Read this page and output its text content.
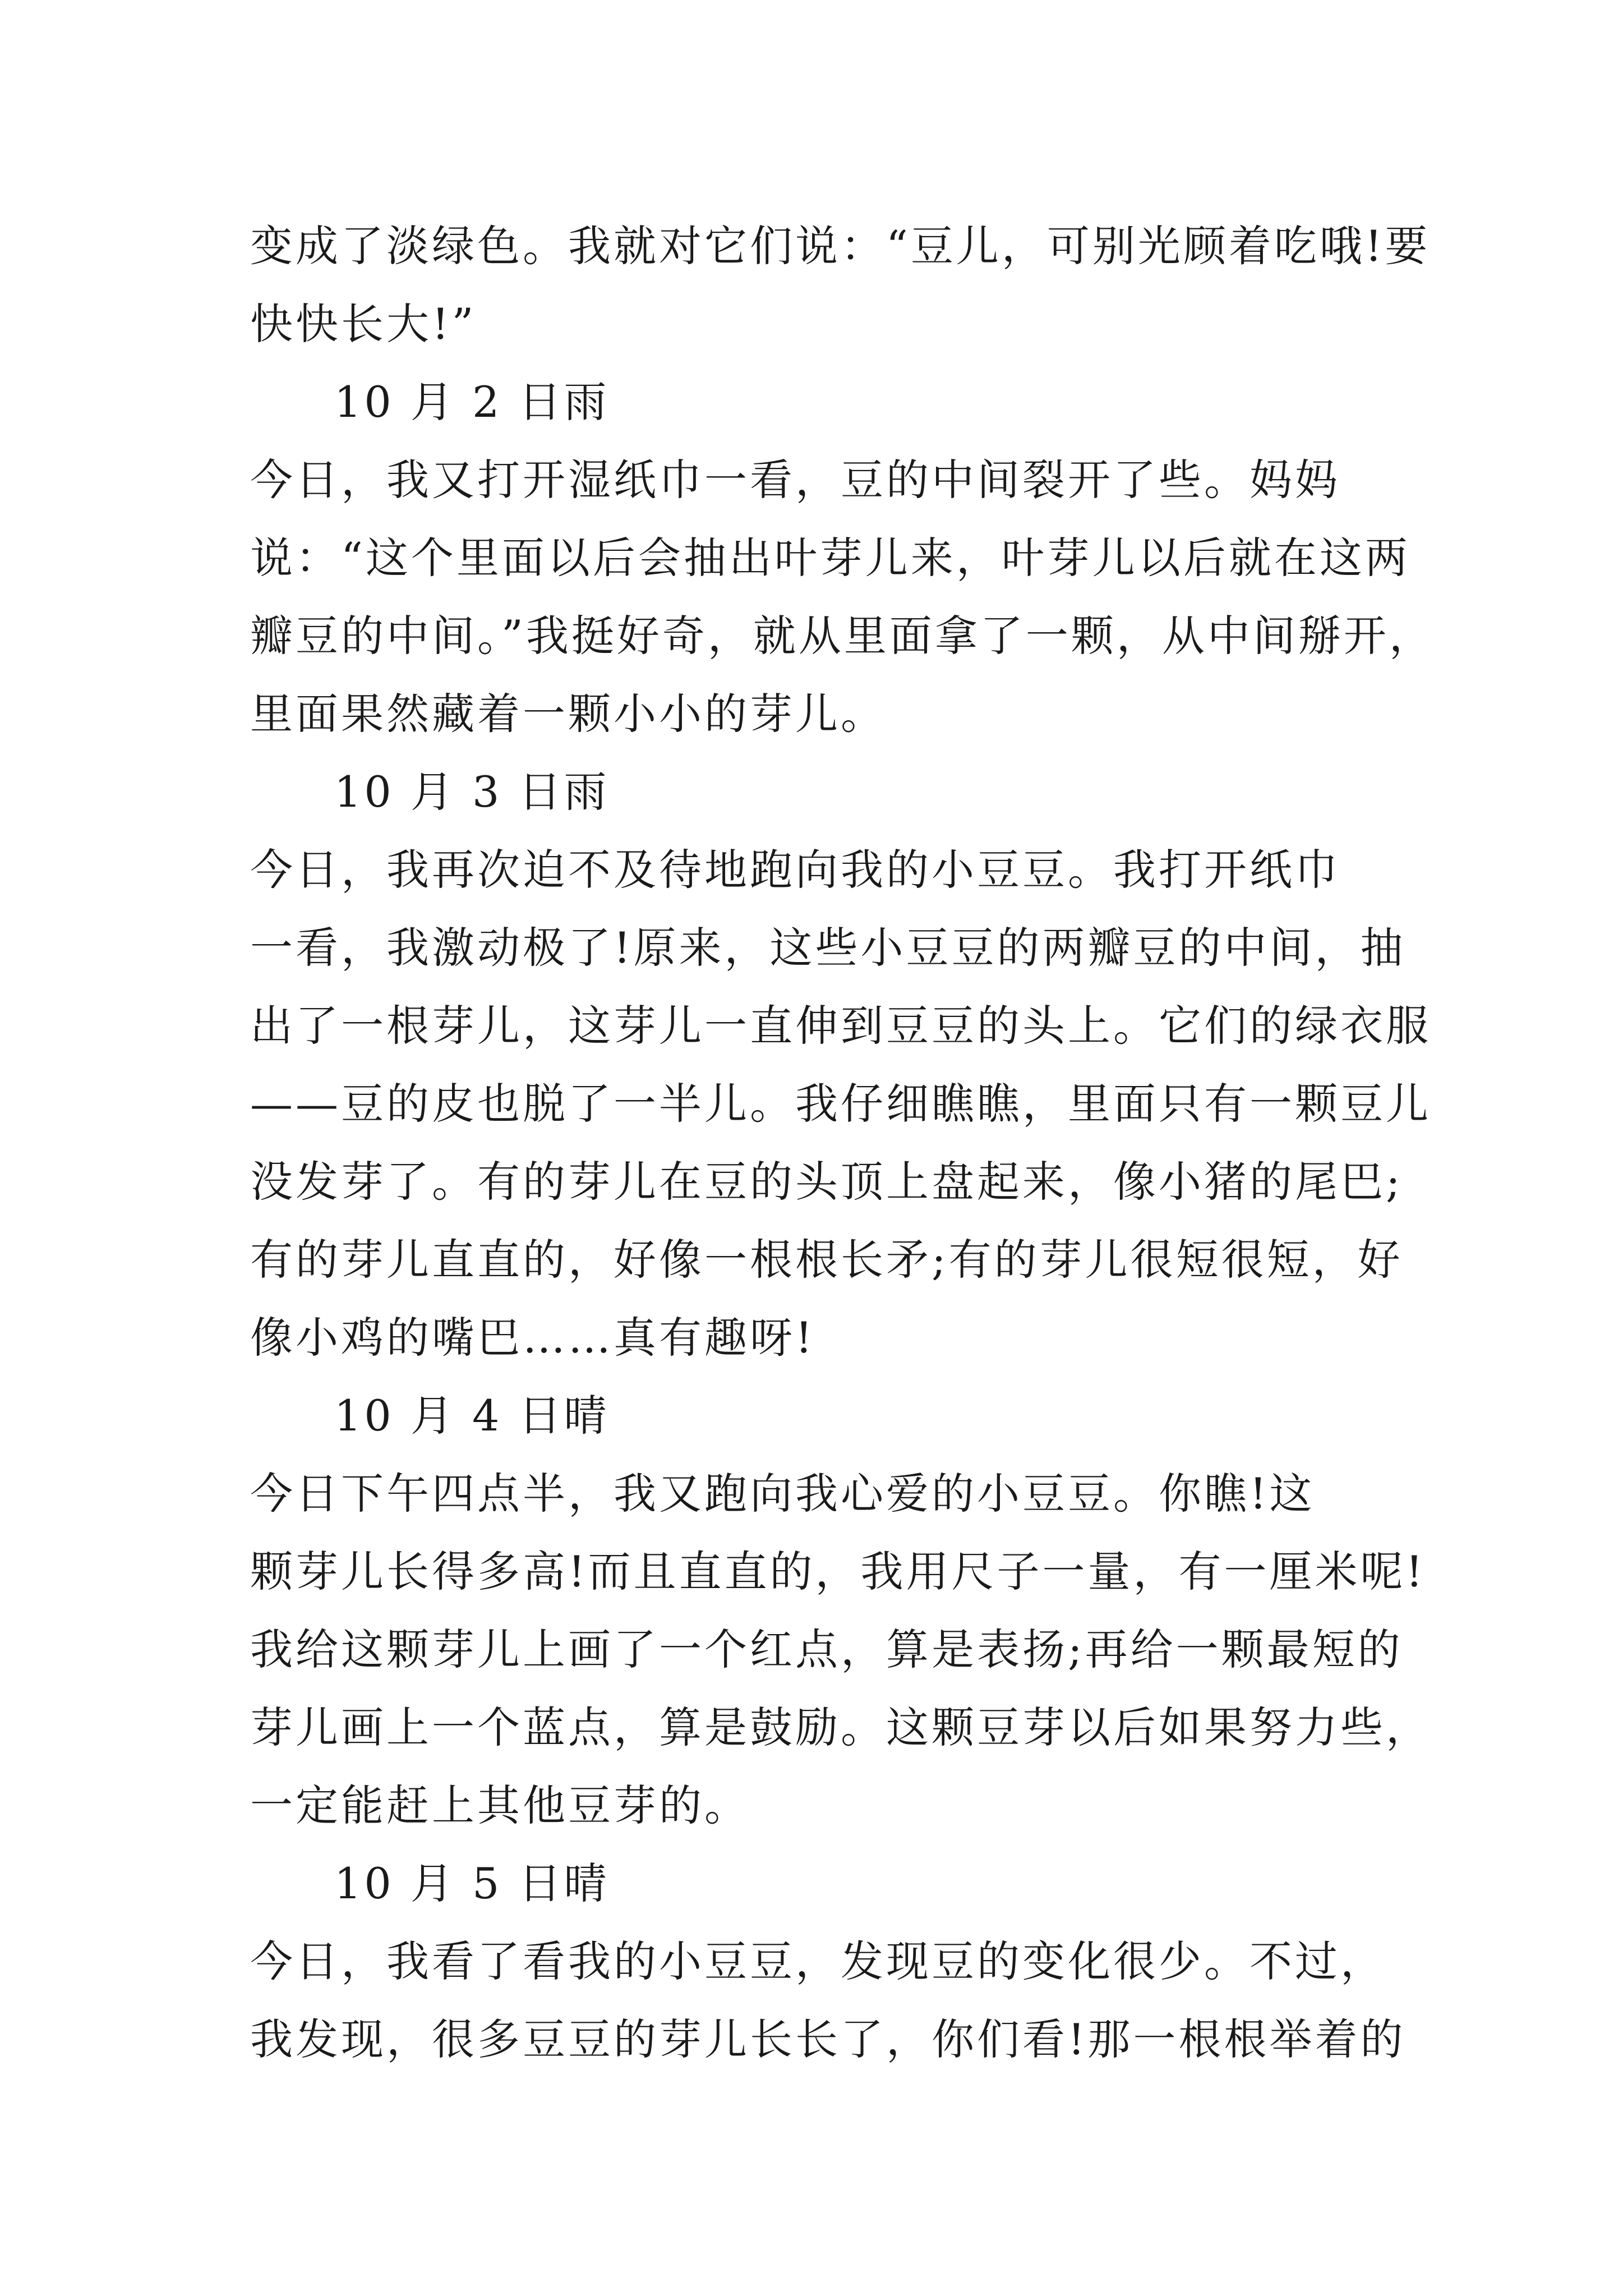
变成了淡绿色。我就对它们说：“豆儿，可别光顾着吃哦!要
快快长大!”
10 月 2 日雨
今日，我又打开湿纸巾一看，豆的中间裂开了些。妈妈
说：“这个里面以后会抽出叶芽儿来，叶芽儿以后就在这两
瓣豆的中间。”我挺好奇，就从里面拿了一颗，从中间掰开，
里面果然藏着一颗小小的芽儿。
10 月 3 日雨
今日，我再次迫不及待地跑向我的小豆豆。我打开纸巾
一看，我激动极了!原来，这些小豆豆的两瓣豆的中间，抽
出了一根芽儿，这芽儿一直伸到豆豆的头上。它们的绿衣服
——豆的皮也脱了一半儿。我仔细瞧瞧，里面只有一颗豆儿
没发芽了。有的芽儿在豆的头顶上盘起来，像小猪的尾巴;
有的芽儿直直的，好像一根根长矛;有的芽儿很短很短，好
像小鸡的嘴巴……真有趣呀!
10 月 4 日晴
今日下午四点半，我又跑向我心爱的小豆豆。你瞧!这
颗芽儿长得多高!而且直直的，我用尺子一量，有一厘米呢!
我给这颗芽儿上画了一个红点，算是表扬;再给一颗最短的
芽儿画上一个蓝点，算是鼓励。这颗豆芽以后如果努力些，
一定能赶上其他豆芽的。
10 月 5 日晴
今日，我看了看我的小豆豆，发现豆的变化很少。不过，
我发现，很多豆豆的芽儿长长了，你们看!那一根根举着的
